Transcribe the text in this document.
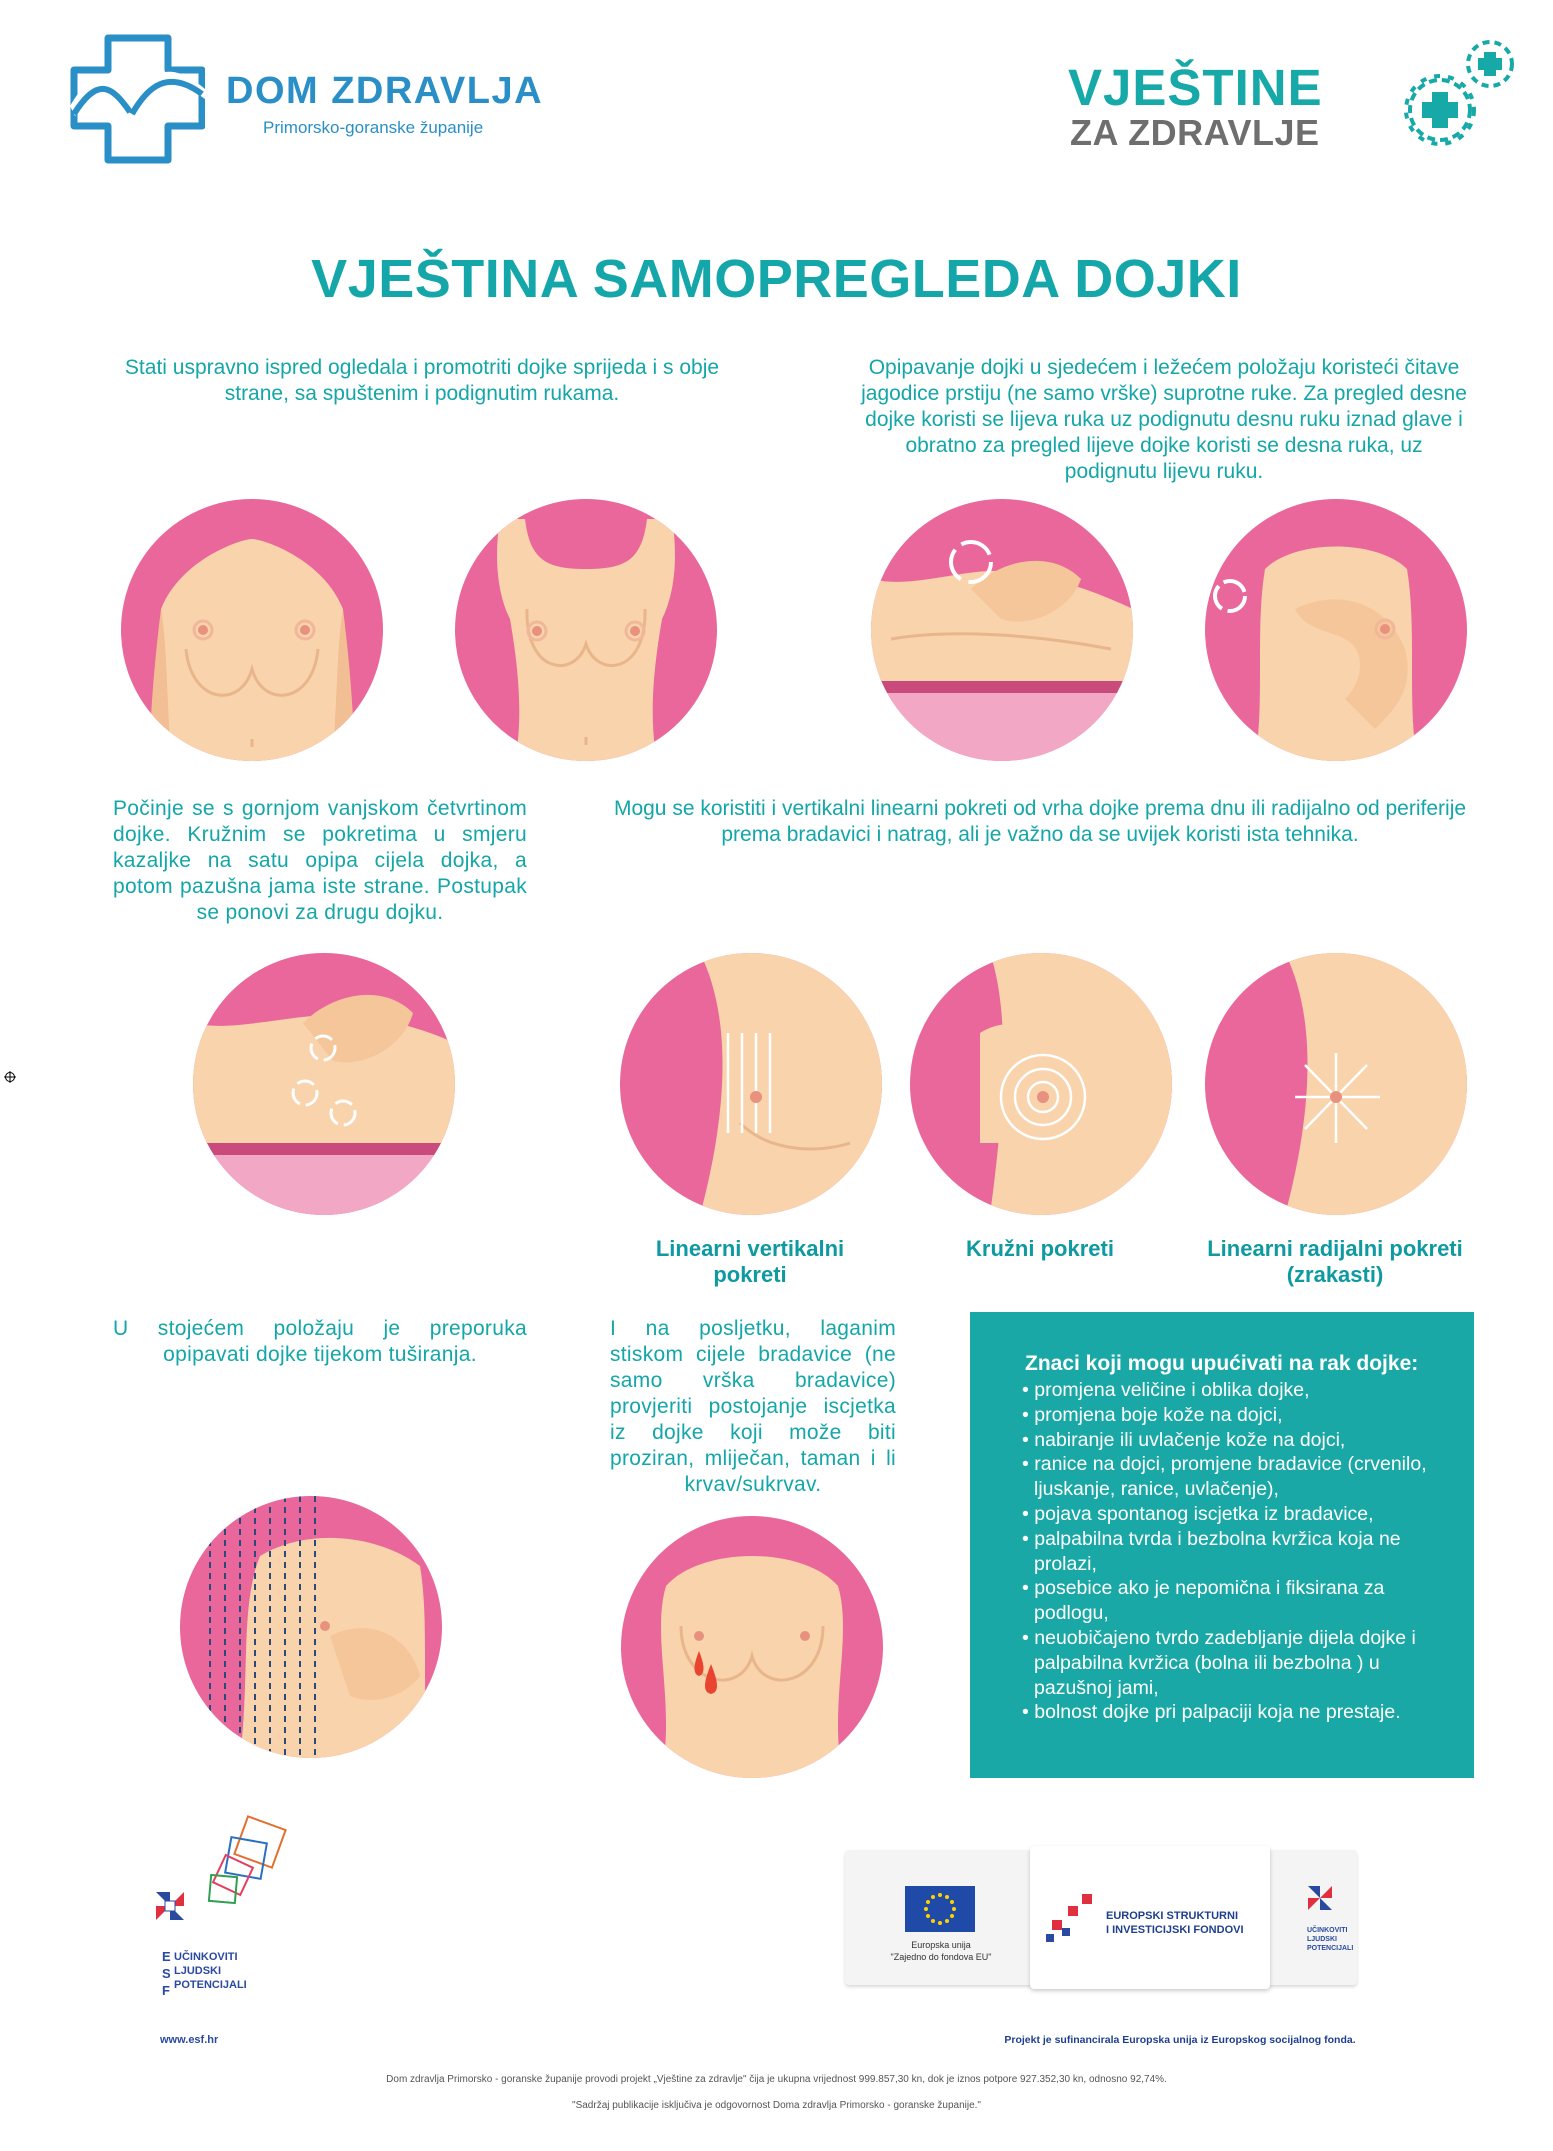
DOM ZDRAVLJA
Primorsko-goranske županije
VJEŠTINE
ZA ZDRAVLJE
VJEŠTINA SAMOPREGLEDA DOJKI
Stati uspravno ispred ogledala i promotriti dojke sprijeda i s obje strane, sa spuštenim i podignutim rukama.
Opipavanje dojki u sjedećem i ležećem položaju koristeći čitave jagodice prstiju (ne samo vrške) suprotne ruke. Za pregled desne dojke koristi se lijeva ruka uz podignutu desnu ruku iznad glave i obratno za pregled lijeve dojke koristi se desna ruka, uz podignutu lijevu ruku.
Počinje se s gornjom vanjskom četvrtinom dojke. Kružnim se pokretima u smjeru kazaljke na satu opipa cijela dojka, a potom pazušna jama iste strane. Postupak se ponovi za drugu dojku.
Mogu se koristiti i vertikalni linearni pokreti od vrha dojke prema dnu ili radijalno od periferije prema bradavici i natrag, ali je važno da se uvijek koristi ista tehnika.
Linearni vertikalni pokreti
Kružni pokreti	Linearni radijalni pokreti (zrakasti)
U stojećem položaju je preporuka opipavati dojke tijekom tuširanja.
I na posljetku, laganim stiskom cijele bradavice (ne samo vrška bradavice) provjeriti postojanje iscjetka iz dojke koji može biti proziran, mliječan, taman i li krvav/sukrvav.
Znaci koji mogu upućivati na rak dojke:
• promjena veličine i oblika dojke,
• promjena boje kože na dojci,
• nabiranje ili uvlačenje kože na dojci,
• ranice na dojci, promjene bradavice (crvenilo, ljuskanje, ranice, uvlačenje),
• pojava spontanog iscjetka iz bradavice,
• palpabilna tvrda i bezbolna kvržica koja ne prolazi,
• posebice ako je nepomična i fiksirana za podlogu,
• neuobičajeno tvrdo zadebljanje dijela dojke i palpabilna kvržica (bolna ili bezbolna ) u pazušnoj jami,
• bolnost dojke pri palpaciji koja ne prestaje.
E
S
F
UČINKOVITI
LJUDSKI
POTENCIJALI
www.esf.hr
Europska unija
"Zajedno do fondova EU"
EUROPSKI STRUKTURNI
I INVESTICIJSKI FONDOVI	UČINKOVITI
LJUDSKI
POTENCIJALI
Projekt je sufinancirala Europska unija iz Europskog socijalnog fonda.
Dom zdravlja Primorsko - goranske županije provodi projekt „Vještine za zdravlje" čija je ukupna vrijednost 999.857,30 kn, dok je iznos potpore 927.352,30 kn, odnosno 92,74%.
"Sadržaj publikacije isključiva je odgovornost Doma zdravlja Primorsko - goranske županije."
